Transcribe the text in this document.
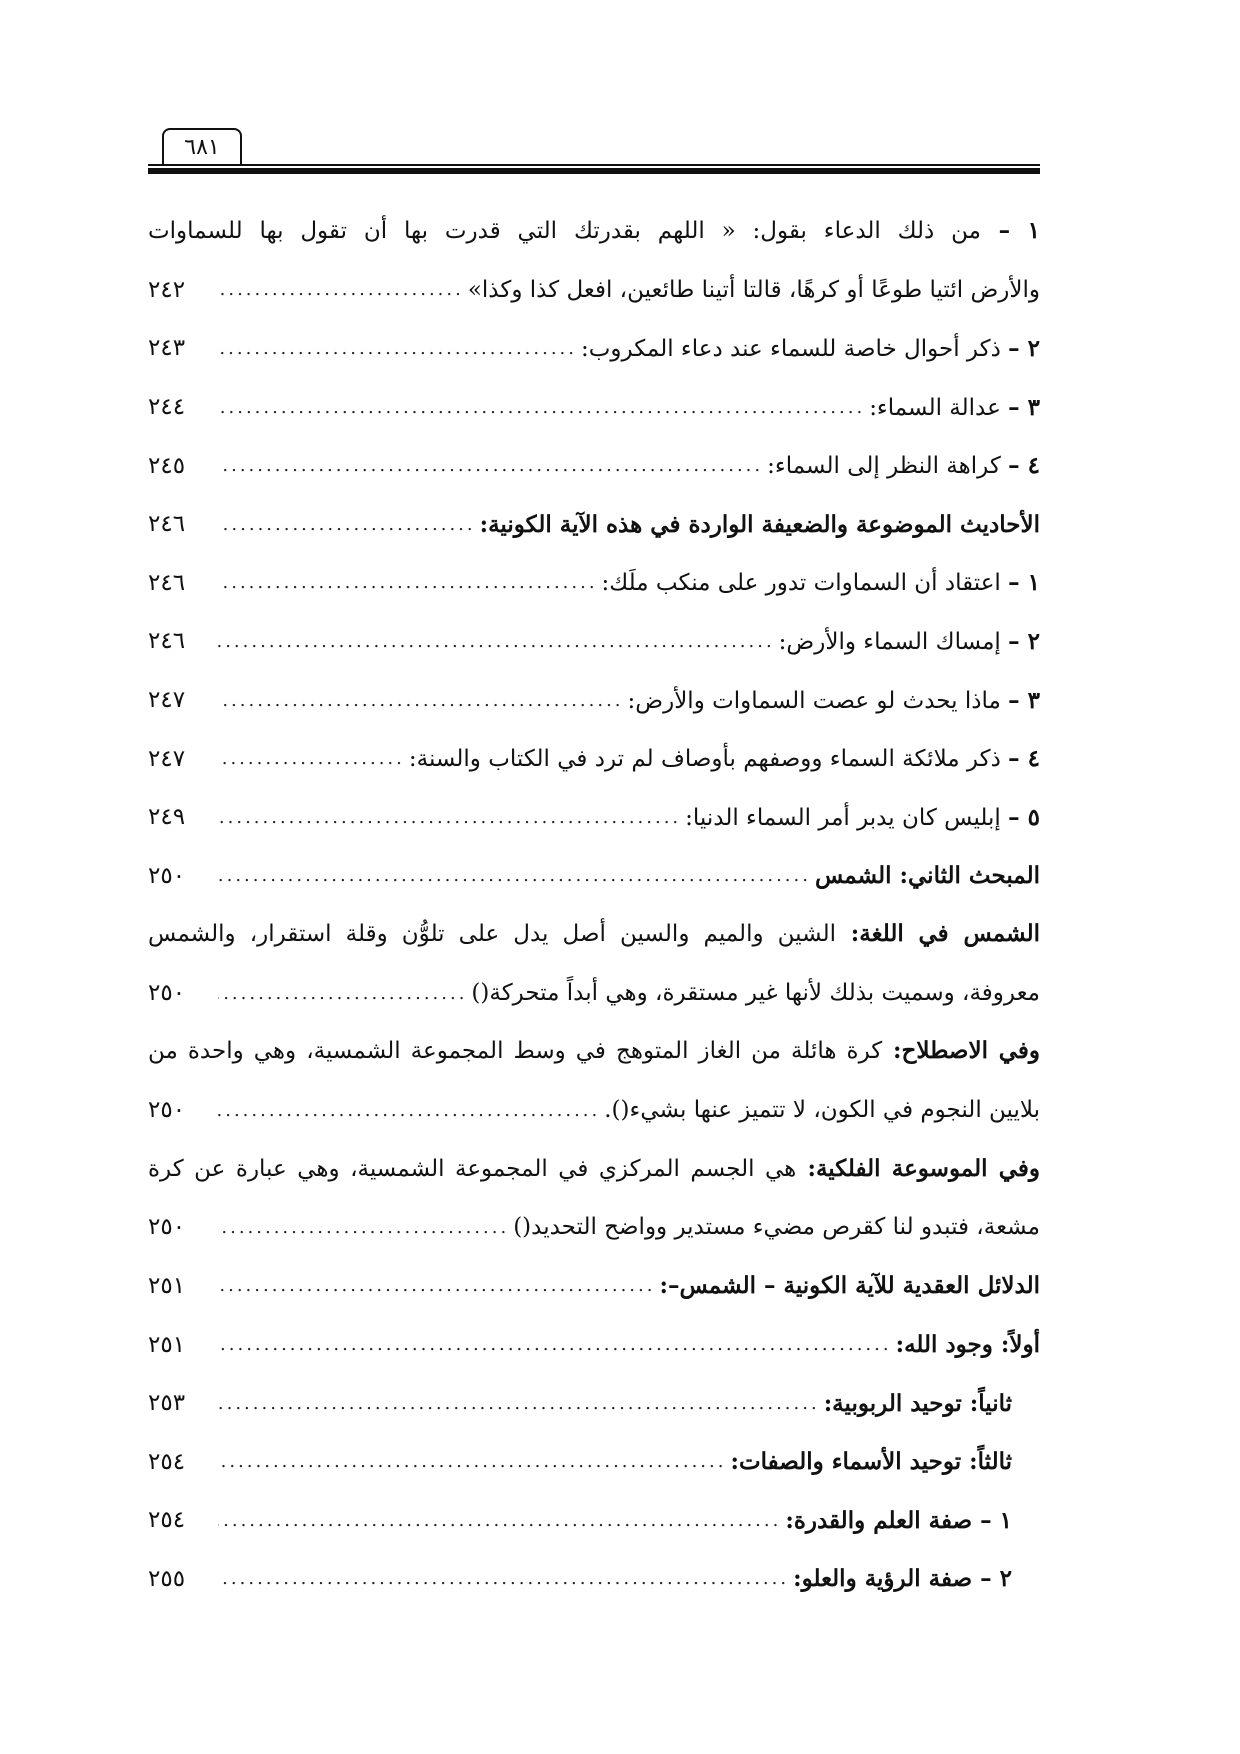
٦٨١
١ – من ذلك الدعاء بقول: « اللهم بقدرتك التي قدرت بها أن تقول بها للسماوات
والأرض ائتيا طوعًا أو كرهًا، قالتا أتينا طائعين، افعل كذا وكذا»
.....
٢٤٢
٢ – ذكر أحوال خاصة للسماء عند دعاء المكروب:
.....
٢٤٣
٣ – عدالة السماء:
.....
٢٤٤
٤ – كراهة النظر إلى السماء:
.....
٢٤٥
الأحاديث الموضوعة والضعيفة الواردة في هذه الآية الكونية:
.....
٢٤٦
١ – اعتقاد أن السماوات تدور على منكب ملَك:
.....
٢٤٦
٢ – إمساك السماء والأرض:
.....
٢٤٦
٣ – ماذا يحدث لو عصت السماوات والأرض:
.....
٢٤٧
٤ – ذكر ملائكة السماء ووصفهم بأوصاف لم ترد في الكتاب والسنة:
.....
٢٤٧
٥ – إبليس كان يدبر أمر السماء الدنيا:
.....
٢٤٩
المبحث الثاني: الشمس
.....
٢٥٠
الشمس في اللغة: الشين والميم والسين أصل يدل على تلوُّن وقلة استقرار، والشمس
معروفة، وسميت بذلك لأنها غير مستقرة، وهي أبداً متحركة()
.....
٢٥٠
وفي الاصطلاح: كرة هائلة من الغاز المتوهج في وسط المجموعة الشمسية، وهي واحدة من
بلايين النجوم في الكون، لا تتميز عنها بشيء().
.....
٢٥٠
وفي الموسوعة الفلكية: هي الجسم المركزي في المجموعة الشمسية، وهي عبارة عن كرة
مشعة، فتبدو لنا كقرص مضيء مستدير وواضح التحديد()
.....
٢٥٠
الدلائل العقدية للآية الكونية – الشمس–:
.....
٢٥١
أولاً: وجود الله:
.....
٢٥١
ثانياً: توحيد الربوبية:
.....
٢٥٣
ثالثاً: توحيد الأسماء والصفات:
.....
٢٥٤
١ – صفة العلم والقدرة:
.....
٢٥٤
٢ – صفة الرؤية والعلو:
.....
٢٥٥
